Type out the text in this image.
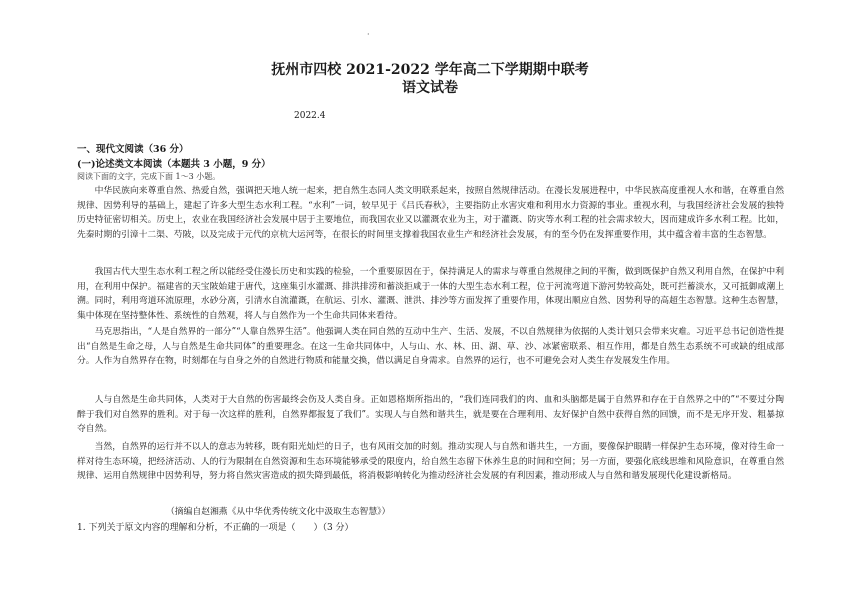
·
抚州市四校 2021-2022 学年高二下学期期中联考
语文试卷
2022.4
一、现代文阅读（36 分）
(一)论述类文本阅读（本题共 3 小题，9 分）
阅读下面的文字，完成下面 1～3 小题。

中华民族向来尊重自然、热爱自然，强调把天地人统一起来，把自然生态同人类文明联系起来，按照自然规律活动。在漫长发展进程中，中华民族高度重视人水和谐，在尊重自然规律、因势利导的基础上，建起了许多大型生态水利工程。“水利”一词，较早见于《吕氏春秋》，主要指防止水害灾难和利用水力资源的事业。重视水利，与我国经济社会发展的独特历史特征密切相关。历史上，农业在我国经济社会发展中居于主要地位，而我国农业又以灌溉农业为主，对于灌溉、防灾等水利工程的社会需求较大，因而建成许多水利工程。比如，先秦时期的引漳十二渠、芍陂，以及完成于元代的京杭大运河等，在很长的时间里支撑着我国农业生产和经济社会发展，有的至今仍在发挥重要作用，其中蕴含着丰富的生态智慧。

我国古代大型生态水利工程之所以能经受住漫长历史和实践的检验，一个重要原因在于，保持满足人的需求与尊重自然规律之间的平衡，做到既保护自然又利用自然，在保护中利用，在利用中保护。福建省的天宝陂始建于唐代，这座集引水灌溉、排洪排涝和蓄淡拒咸于一体的大型生态水利工程，位于河流弯道下游河势较高处，既可拦蓄淡水，又可抵御咸潮上溯。同时，利用弯道环流原理，水砂分离，引清水自流灌溉，在航运、引水、灌溉、泄洪、排沙等方面发挥了重要作用，体现出顺应自然、因势利导的高超生态智慧。这种生态智慧，集中体现在坚持整体性、系统性的自然观，将人与自然作为一个生命共同体来看待。

马克思指出，“人是自然界的一部分”“人靠自然界生活”。他强调人类在同自然的互动中生产、生活、发展，不以自然规律为依据的人类计划只会带来灾难。习近平总书记创造性提出“自然是生命之母，人与自然是生命共同体”的重要理念。在这一生命共同体中，人与山、水、林、田、湖、草、沙、冰紧密联系、相互作用，都是自然生态系统不可或缺的组成部分。人作为自然界存在物，时刻都在与自身之外的自然进行物质和能量交换，借以满足自身需求。自然界的运行，也不可避免会对人类生存发展发生作用。

人与自然是生命共同体，人类对于大自然的伤害最终会伤及人类自身。正如恩格斯所指出的，“我们连同我们的肉、血和头脑都是属于自然界和存在于自然界之中的”“不要过分陶醉于我们对自然界的胜利。对于每一次这样的胜利，自然界都报复了我们”。实现人与自然和谐共生，就是要在合理利用、友好保护自然中获得自然的回馈，而不是无序开发、粗暴掠夺自然。

当然，自然界的运行并不以人的意志为转移，既有阳光灿烂的日子，也有风雨交加的时刻。推动实现人与自然和谐共生，一方面，要像保护眼睛一样保护生态环境，像对待生命一样对待生态环境，把经济活动、人的行为限制在自然资源和生态环境能够承受的限度内，给自然生态留下休养生息的时间和空间；另一方面，要强化底线思维和风险意识，在尊重自然规律、运用自然规律中因势利导，努力将自然灾害造成的损失降到最低，将消极影响转化为推动经济社会发展的有利因素，推动形成人与自然和谐发展现代化建设新格局。

（摘编自赵湘燕《从中华优秀传统文化中汲取生态智慧》）
1. 下列关于原文内容的理解和分析，不正确的一项是（　　）（3 分）
